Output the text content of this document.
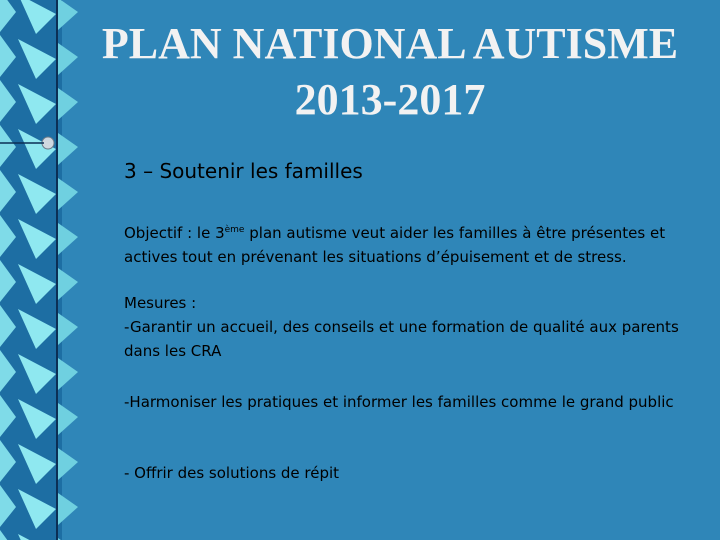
PLAN NATIONAL AUTISME
2013-2017

3 – Soutenir les familles

Objectif : le 3ème plan autisme veut aider les familles à être présentes et actives tout en prévenant les situations d’épuisement et de stress.

Mesures :
-Garantir un accueil, des conseils et une formation de qualité aux parents dans les CRA

-Harmoniser les pratiques et informer les familles comme le grand public

- Offrir des solutions de répit
